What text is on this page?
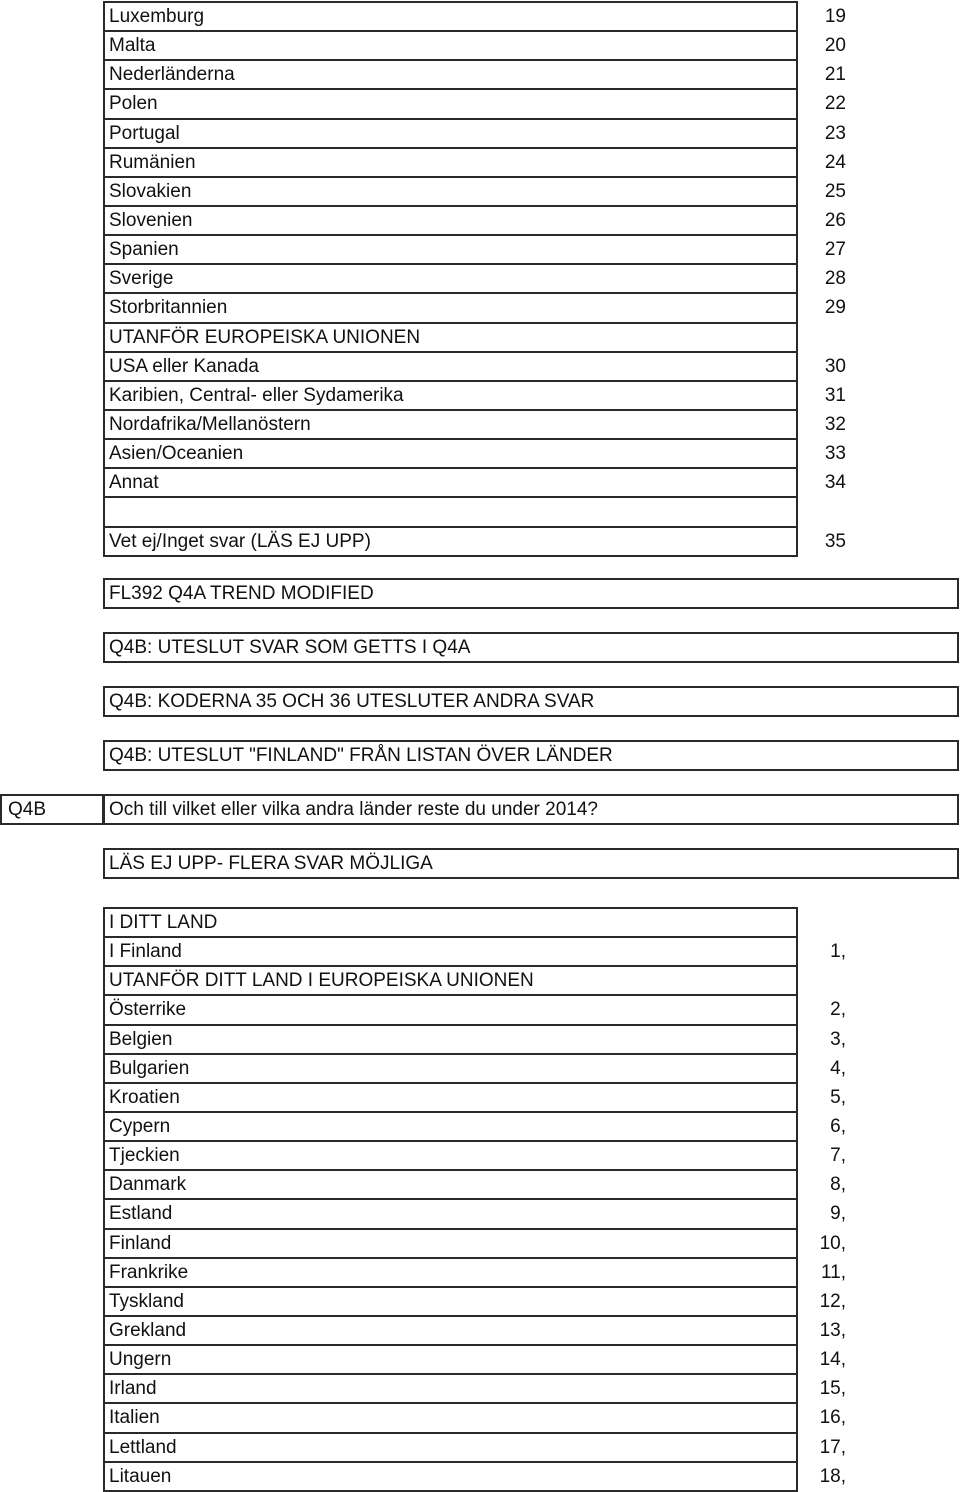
Luxemburg
Malta
Nederländerna
Polen
Portugal
Rumänien
Slovakien
Slovenien
Spanien
Sverige
Storbritannien
UTANFÖR EUROPEISKA UNIONEN
USA eller Kanada
Karibien, Central- eller Sydamerika
Nordafrika/Mellanöstern
Asien/Oceanien
Annat
Vet ej/Inget svar (LÄS EJ UPP)
19
20
21
22
23
24
25
26
27
28
29
30
31
32
33
34
35
FL392 Q4A TREND MODIFIED
Q4B: UTESLUT SVAR SOM GETTS I Q4A
Q4B: KODERNA 35 OCH 36 UTESLUTER ANDRA SVAR
Q4B: UTESLUT "FINLAND" FRÅN LISTAN ÖVER LÄNDER
Q4B	Och till vilket eller vilka andra länder reste du under 2014?
LÄS EJ UPP- FLERA SVAR MÖJLIGA
I DITT LAND
I Finland
UTANFÖR DITT LAND I EUROPEISKA UNIONEN
Österrike
Belgien
Bulgarien
Kroatien
Cypern
Tjeckien
Danmark
Estland
Finland
Frankrike
Tyskland
Grekland
Ungern
Irland
Italien
Lettland
Litauen
1,
2,
3,
4,
5,
6,
7,
8,
9,
10,
11,
12,
13,
14,
15,
16,
17,
18,
